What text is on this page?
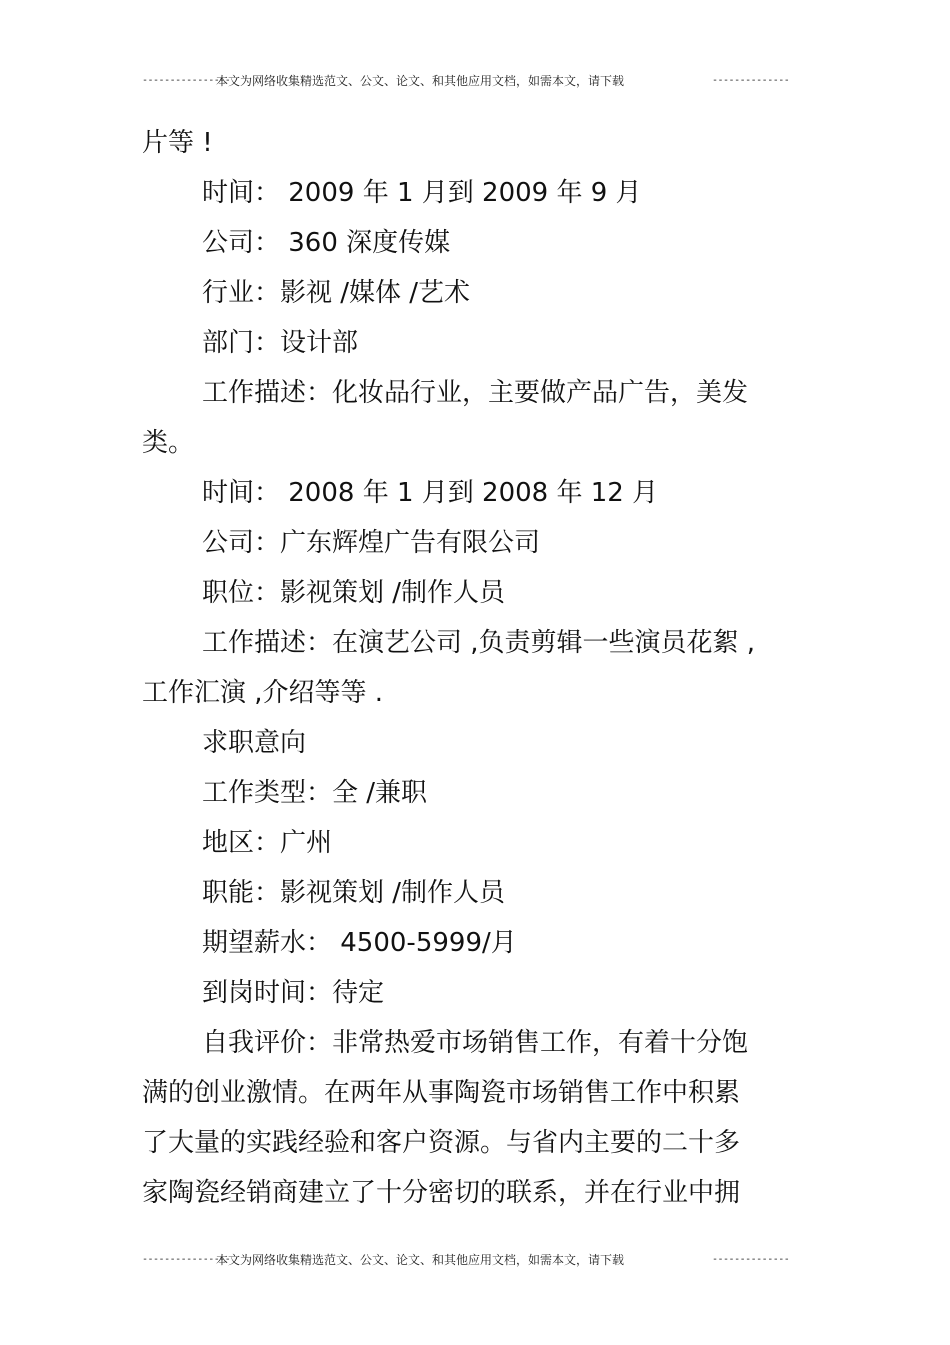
----------------
本文为网络收集精选范文、公文、论文、和其他应用文档，如需本文，请下载	--------------
片等 !
时间： 2009 年 1 月到 2009 年 9 月
公司： 360 深度传媒
行业：影视 /媒体 /艺术
部门：设计部
工作描述：化妆品行业，主要做产品广告，美发
类。
时间： 2008 年 1 月到 2008 年 12 月
公司：广东辉煌广告有限公司
职位：影视策划 /制作人员
工作描述：在演艺公司 ,负责剪辑一些演员花絮 ,
工作汇演 ,介绍等等 .
求职意向
工作类型：全 /兼职
地区：广州
职能：影视策划 /制作人员
期望薪水： 4500-5999/月
到岗时间：待定
自我评价：非常热爱市场销售工作，有着十分饱
满的创业激情。在两年从事陶瓷市场销售工作中积累
了大量的实践经验和客户资源。与省内主要的二十多
家陶瓷经销商建立了十分密切的联系，并在行业中拥
----------------
本文为网络收集精选范文、公文、论文、和其他应用文档，如需本文，请下载	--------------
